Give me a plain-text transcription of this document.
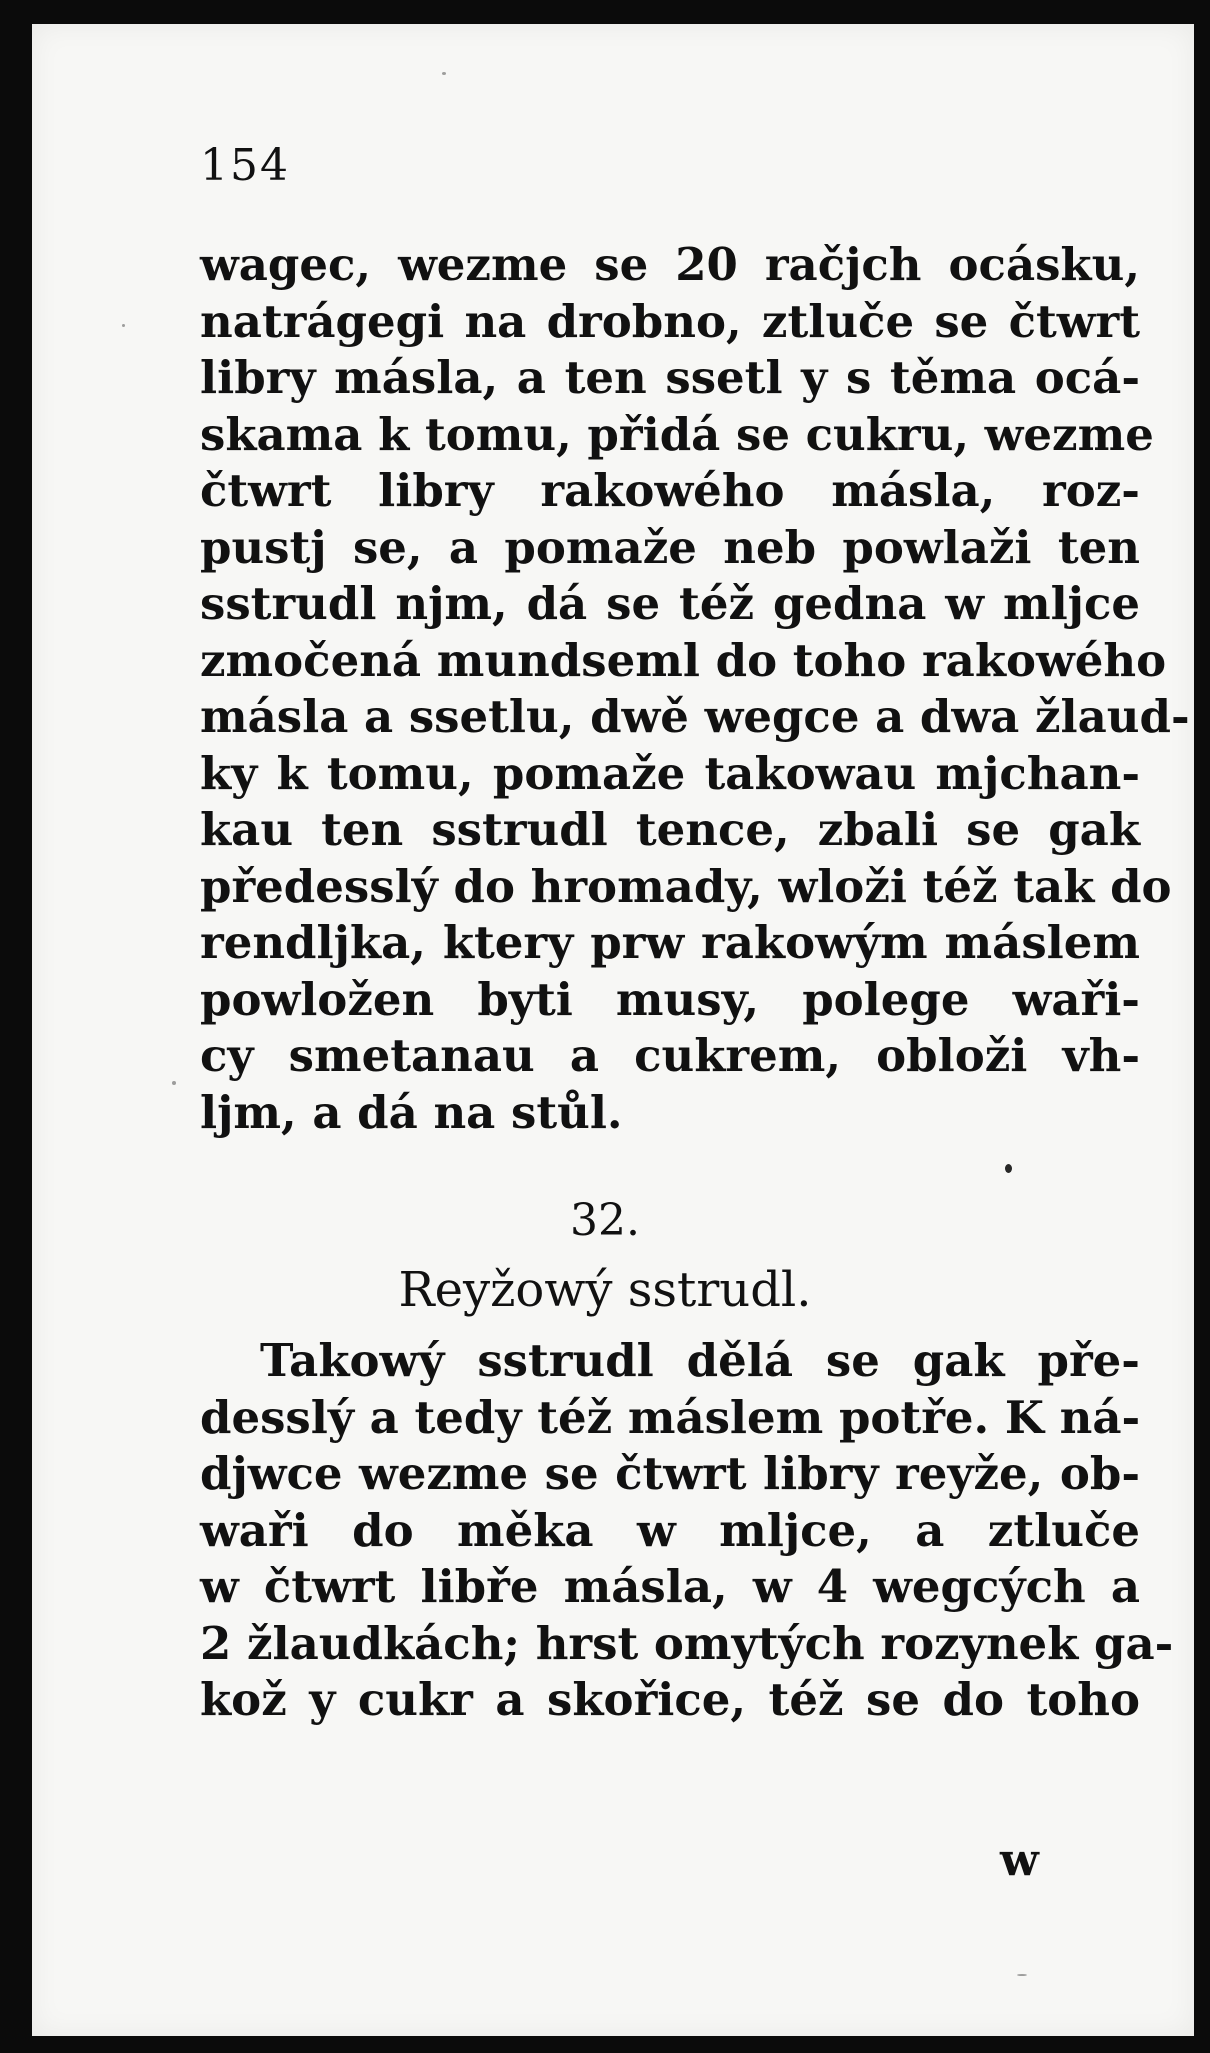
154
wagec, wezme se 20 račjch ocásku,
natrágegi na drobno, ztluče se čtwrt
libry másla, a ten ssetl y s těma ocá-
skama k tomu, přidá se cukru, wezme
čtwrt libry rakowého másla, roz-
pustj se, a pomaže neb powlaži ten
sstrudl njm, dá se též gedna w mljce
zmočená mundseml do toho rakowého
másla a ssetlu, dwě wegce a dwa žlaud-
ky k tomu, pomaže takowau mjchan-
kau ten sstrudl tence, zbali se gak
předesslý do hromady, wloži též tak do
rendljka, ktery prw rakowým máslem
powložen byti musy, polege waři-
cy smetanau a cukrem, obloži vh-
ljm, a dá na stůl.
32.
Reyžowý sstrudl.
Takowý sstrudl dělá se gak pře-
desslý a tedy též máslem potře. K ná-
djwce wezme se čtwrt libry reyže, ob-
waři do měka w mljce, a ztluče
w čtwrt libře másla, w 4 wegcých a
2 žlaudkách; hrst omytých rozynek ga-
kož y cukr a skořice, též se do toho
w
